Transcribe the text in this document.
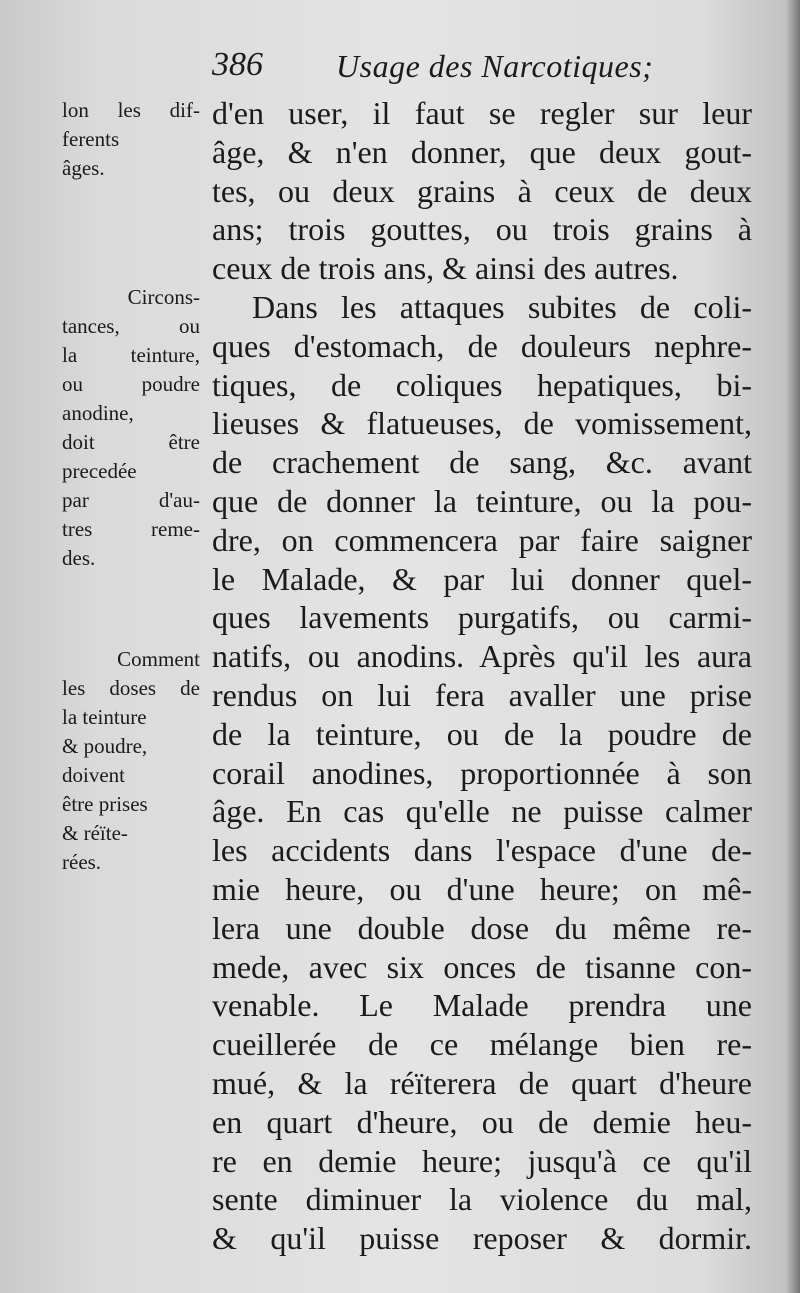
386 Usage des Narcotiques;
d'en user, il faut se regler sur leur
âge, & n'en donner, que deux gout-
tes, ou deux grains à ceux de deux
ans; trois gouttes, ou trois grains à
ceux de trois ans, & ainsi des autres.
Dans les attaques subites de coli-
ques d'estomach, de douleurs nephre-
tiques, de coliques hepatiques, bi-
lieuses & flatueuses, de vomissement,
de crachement de sang, &c. avant
que de donner la teinture, ou la pou-
dre, on commencera par faire saigner
le Malade, & par lui donner quel-
ques lavements purgatifs, ou carmi-
natifs, ou anodins. Après qu'il les aura
rendus on lui fera avaller une prise
de la teinture, ou de la poudre de
corail anodines, proportionnée à son
âge. En cas qu'elle ne puisse calmer
les accidents dans l'espace d'une de-
mie heure, ou d'une heure; on mê-
lera une double dose du même re-
mede, avec six onces de tisanne con-
venable. Le Malade prendra une
cueillerée de ce mélange bien re-
mué, & la réïterera de quart d'heure
en quart d'heure, ou de demie heu-
re en demie heure; jusqu'à ce qu'il
sente diminuer la violence du mal,
& qu'il puisse reposer & dormir.
lon les dif-
ferents
âges.
Circons-
tances, ou
la teinture,
ou poudre
anodine,
doit être
precedée
par d'au-
tres reme-
des.
Comment
les doses de
la teinture
& poudre,
doivent
être prises
& réïte-
rées.
